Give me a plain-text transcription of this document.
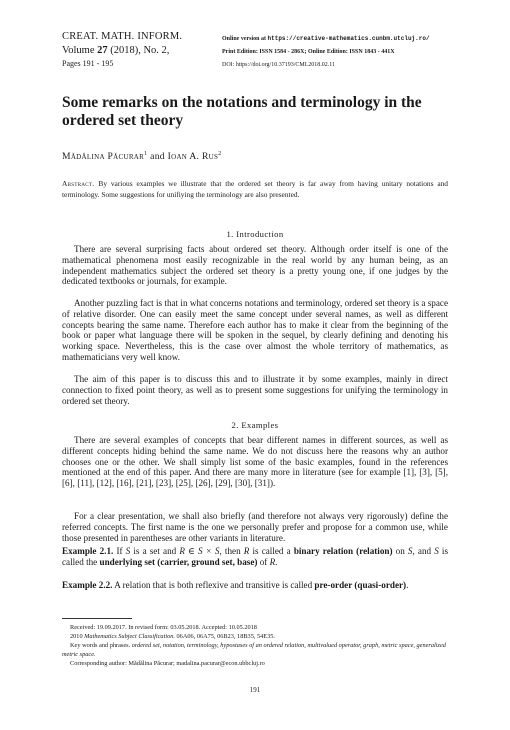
CREAT. MATH. INFORM.
Volume 27 (2018), No. 2,
Pages 191 - 195
Online version at https://creative-mathematics.cunbm.utcluj.ro/
Print Edition: ISSN 1584 - 286X; Online Edition: ISSN 1843 - 441X
DOI: https://doi.org/10.37193/CMI.2018.02.11
Some remarks on the notations and terminology in the ordered set theory
Mădălina Păcurar$^1$ and Ioan A. Rus$^2$
Abstract. By various examples we illustrate that the ordered set theory is far away from having unitary notations and terminology. Some suggestions for unifiying the terminology are also presented.
1. Introduction
There are several surprising facts about ordered set theory. Although order itself is one of the mathematical phenomena most easily recognizable in the real world by any human being, as an independent mathematics subject the ordered set theory is a pretty young one, if one judges by the dedicated textbooks or journals, for example.
Another puzzling fact is that in what concerns notations and terminology, ordered set theory is a space of relative disorder. One can easily meet the same concept under several names, as well as different concepts bearing the same name. Therefore each author has to make it clear from the beginning of the book or paper what language there will be spoken in the sequel, by clearly defining and denoting his working space. Nevertheless, this is the case over almost the whole territory of mathematics, as mathematicians very well know.
The aim of this paper is to discuss this and to illustrate it by some examples, mainly in direct connection to fixed point theory, as well as to present some suggestions for unifying the terminology in ordered set theory.
2. Examples
There are several examples of concepts that bear different names in different sources, as well as different concepts hiding behind the same name. We do not discuss here the reasons why an author chooses one or the other. We shall simply list some of the basic examples, found in the references mentioned at the end of this paper. And there are many more in literature (see for example [1], [3], [5], [6], [11], [12], [16], [21], [23], [25], [26], [29], [30], [31]).
For a clear presentation, we shall also briefly (and therefore not always very rigorously) define the referred concepts. The first name is the one we personally prefer and propose for a common use, while those presented in parentheses are other variants in literature.
Example 2.1. If S is a set and R ∈ S × S, then R is called a binary relation (relation) on S, and S is called the underlying set (carrier, ground set, base) of R.
Example 2.2. A relation that is both reflexive and transitive is called pre-order (quasi-order).
Received: 19.09.2017. In revised form: 03.05.2018. Accepted: 10.05.2018
2010 Mathematics Subject Classification. 06A06, 06A75, 06B23, 18B35, 54E35.
Key words and phrases. ordered set, notation, terminology, hypostases of an ordered relation, multivalued operator, graph, metric space, generalized metric space.
Corresponding author: Mădălina Păcurar; madalina.pacurar@econ.ubbcluj.ro
191
